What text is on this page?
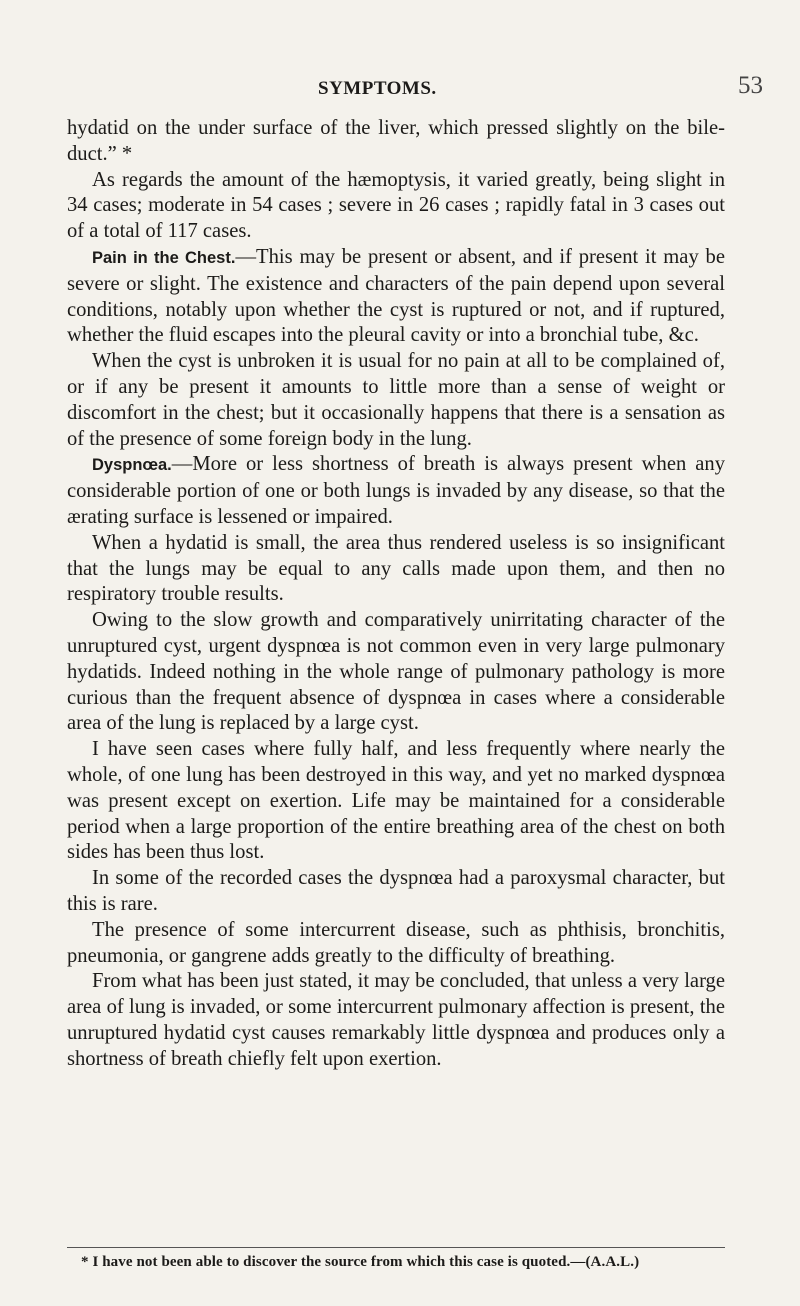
SYMPTOMS.	53

hydatid on the under surface of the liver, which pressed slightly on the bile-duct.” *

As regards the amount of the hæmoptysis, it varied greatly, being slight in 34 cases; moderate in 54 cases ; severe in 26 cases ; rapidly fatal in 3 cases out of a total of 117 cases.

Pain in the Chest.—This may be present or absent, and if present it may be severe or slight. The existence and characters of the pain depend upon several conditions, notably upon whether the cyst is ruptured or not, and if ruptured, whether the fluid escapes into the pleural cavity or into a bronchial tube, &c.

When the cyst is unbroken it is usual for no pain at all to be complained of, or if any be present it amounts to little more than a sense of weight or discomfort in the chest; but it occasionally happens that there is a sensation as of the presence of some foreign body in the lung.

Dyspnœa.—More or less shortness of breath is always present when any considerable portion of one or both lungs is invaded by any disease, so that the ærating surface is lessened or impaired.

When a hydatid is small, the area thus rendered useless is so insignificant that the lungs may be equal to any calls made upon them, and then no respiratory trouble results.

Owing to the slow growth and comparatively unirritating character of the unruptured cyst, urgent dyspnœa is not common even in very large pulmonary hydatids. Indeed nothing in the whole range of pulmonary pathology is more curious than the frequent absence of dyspnœa in cases where a considerable area of the lung is replaced by a large cyst.

I have seen cases where fully half, and less frequently where nearly the whole, of one lung has been destroyed in this way, and yet no marked dyspnœa was present except on exertion. Life may be maintained for a considerable period when a large proportion of the entire breathing area of the chest on both sides has been thus lost.

In some of the recorded cases the dyspnœa had a paroxysmal character, but this is rare.

The presence of some intercurrent disease, such as phthisis, bronchitis, pneumonia, or gangrene adds greatly to the difficulty of breathing.

From what has been just stated, it may be concluded, that unless a very large area of lung is invaded, or some intercurrent pulmonary affection is present, the unruptured hydatid cyst causes remarkably little dyspnœa and produces only a shortness of breath chiefly felt upon exertion.

* I have not been able to discover the source from which this case is quoted.—(A.A.L.)
